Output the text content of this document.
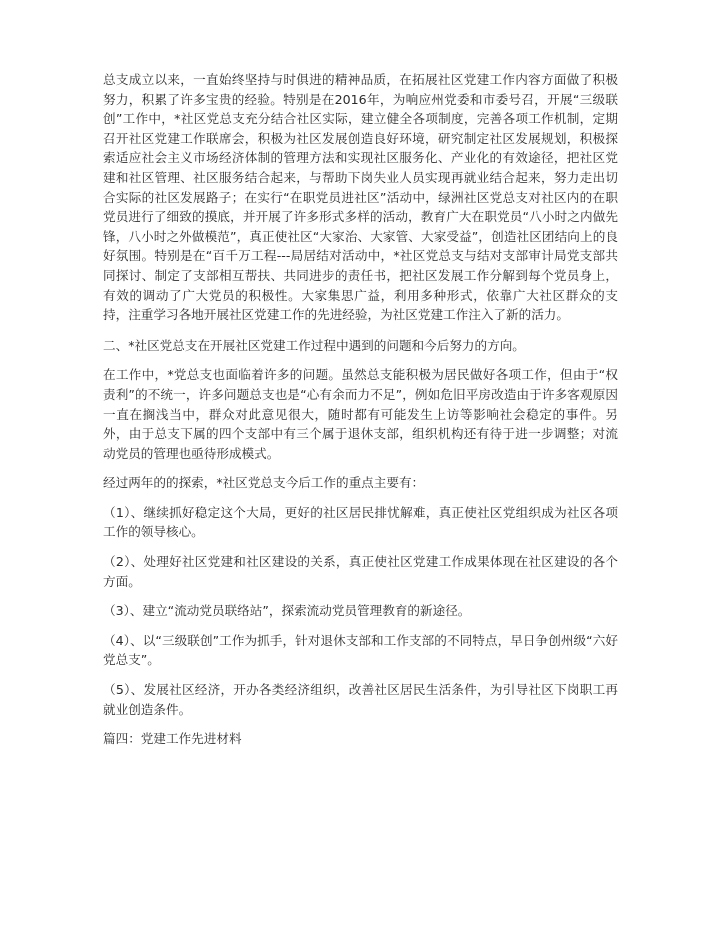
总支成立以来，一直始终坚持与时俱进的精神品质，在拓展社区党建工作内容方面做了积极努力，积累了许多宝贵的经验。特别是在2016年，为响应州党委和市委号召，开展“三级联创”工作中，*社区党总支充分结合社区实际，建立健全各项制度，完善各项工作机制，定期召开社区党建工作联席会，积极为社区发展创造良好环境，研究制定社区发展规划，积极探索适应社会主义市场经济体制的管理方法和实现社区服务化、产业化的有效途径，把社区党建和社区管理、社区服务结合起来，与帮助下岗失业人员实现再就业结合起来，努力走出切合实际的社区发展路子；在实行“在职党员进社区”活动中，绿洲社区党总支对社区内的在职党员进行了细致的摸底，并开展了许多形式多样的活动，教育广大在职党员“八小时之内做先锋，八小时之外做模范”，真正使社区“大家治、大家管、大家受益”，创造社区团结向上的良好氛围。特别是在“百千万工程---局居结对活动中，*社区党总支与结对支部审计局党支部共同探讨、制定了支部相互帮扶、共同进步的责任书，把社区发展工作分解到每个党员身上，有效的调动了广大党员的积极性。大家集思广益，利用多种形式，依靠广大社区群众的支持，注重学习各地开展社区党建工作的先进经验，为社区党建工作注入了新的活力。

二、*社区党总支在开展社区党建工作过程中遇到的问题和今后努力的方向。

在工作中，*党总支也面临着许多的问题。虽然总支能积极为居民做好各项工作，但由于“权责利”的不统一，许多问题总支也是“心有余而力不足”，例如危旧平房改造由于许多客观原因一直在搁浅当中，群众对此意见很大，随时都有可能发生上访等影响社会稳定的事件。另外，由于总支下属的四个支部中有三个属于退休支部，组织机构还有待于进一步调整；对流动党员的管理也亟待形成模式。

经过两年的的探索，*社区党总支今后工作的重点主要有：

（1）、继续抓好稳定这个大局，更好的社区居民排忧解难，真正使社区党组织成为社区各项工作的领导核心。

（2）、处理好社区党建和社区建设的关系，真正使社区党建工作成果体现在社区建设的各个方面。

（3）、建立“流动党员联络站”，探索流动党员管理教育的新途径。

（4）、以“三级联创”工作为抓手，针对退休支部和工作支部的不同特点，早日争创州级“六好党总支”。

（5）、发展社区经济，开办各类经济组织，改善社区居民生活条件，为引导社区下岗职工再就业创造条件。

篇四：党建工作先进材料
